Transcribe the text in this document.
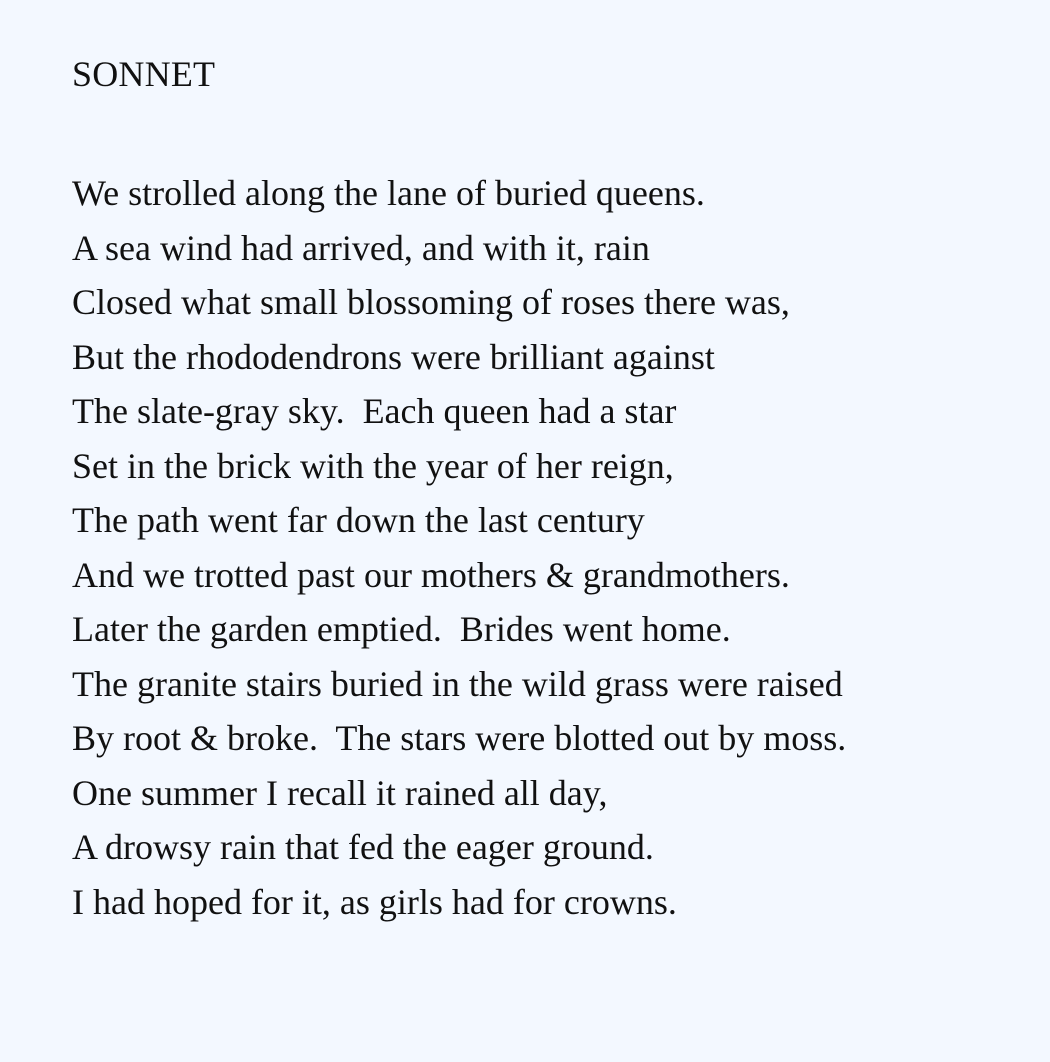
SONNET
We strolled along the lane of buried queens.
A sea wind had arrived, and with it, rain
Closed what small blossoming of roses there was,
But the rhododendrons were brilliant against
The slate-gray sky.  Each queen had a star
Set in the brick with the year of her reign,
The path went far down the last century
And we trotted past our mothers & grandmothers.
Later the garden emptied.  Brides went home.
The granite stairs buried in the wild grass were raised
By root & broke.  The stars were blotted out by moss.
One summer I recall it rained all day,
A drowsy rain that fed the eager ground.
I had hoped for it, as girls had for crowns.
